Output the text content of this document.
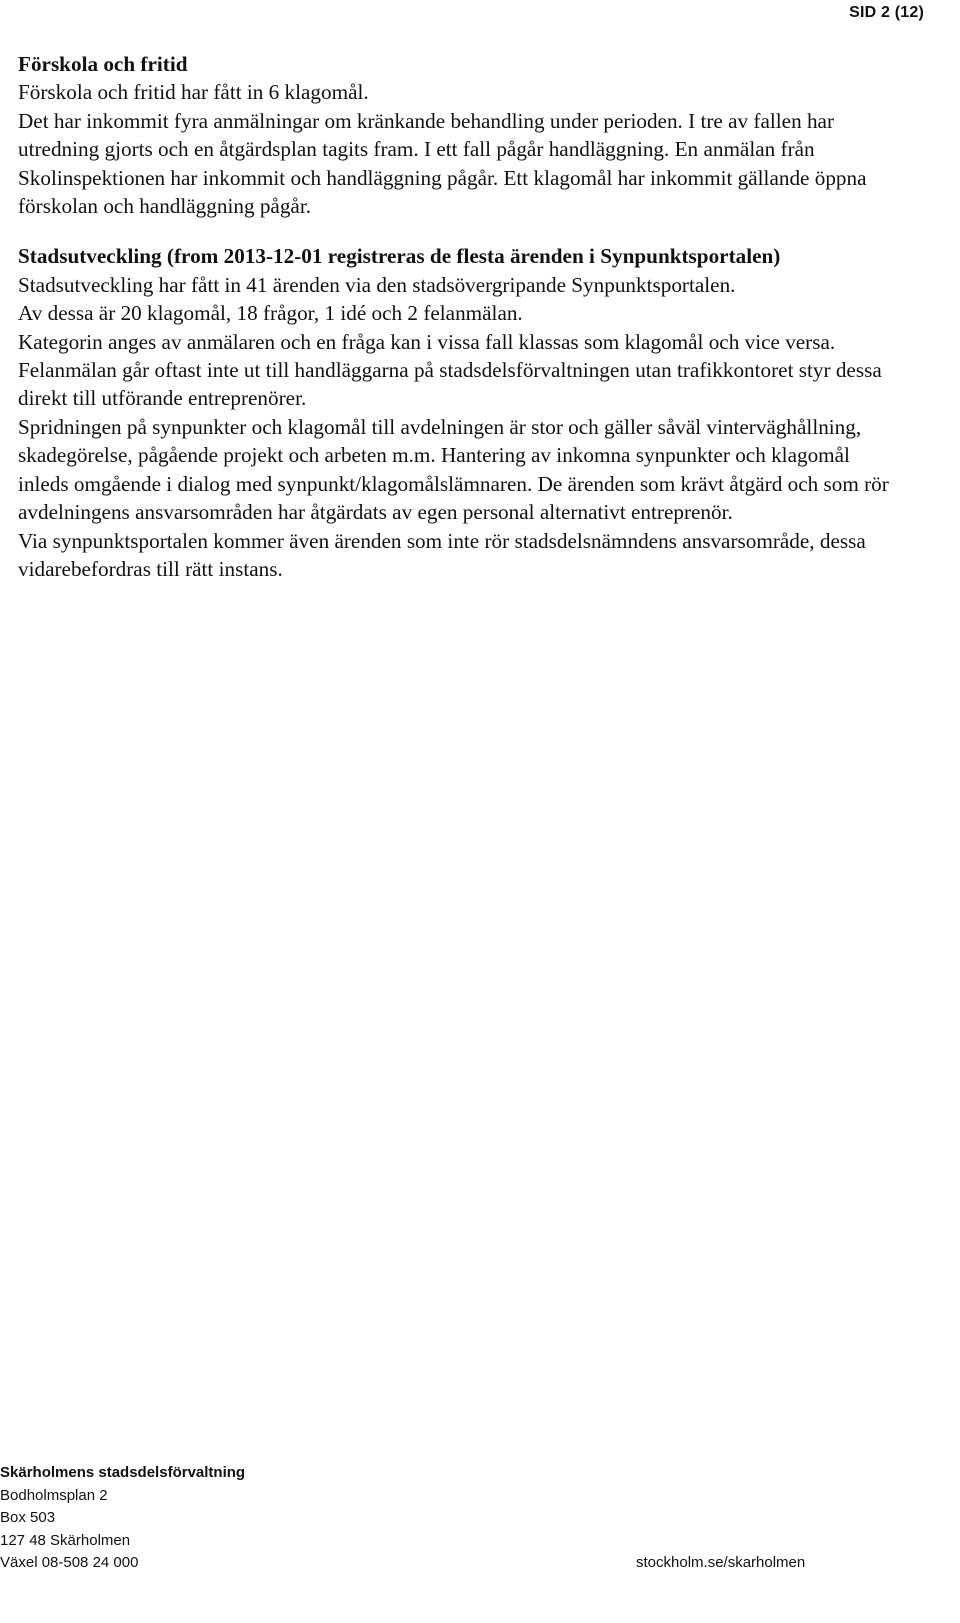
SID 2 (12)

Förskola och fritid

Förskola och fritid har fått in 6 klagomål.

Det har inkommit fyra anmälningar om kränkande behandling under perioden. I tre av fallen har utredning gjorts och en åtgärdsplan tagits fram. I ett fall pågår handläggning. En anmälan från Skolinspektionen har inkommit och handläggning pågår. Ett klagomål har inkommit gällande öppna förskolan och handläggning pågår.

Stadsutveckling (from 2013-12-01 registreras de flesta ärenden i Synpunktsportalen)

Stadsutveckling har fått in 41 ärenden via den stadsövergripande Synpunktsportalen.

Av dessa är 20 klagomål, 18 frågor, 1 idé och 2 felanmälan.

Kategorin anges av anmälaren och en fråga kan i vissa fall klassas som klagomål och vice versa. Felanmälan går oftast inte ut till handläggarna på stadsdelsförvaltningen utan trafikkontoret styr dessa direkt till utförande entreprenörer.

Spridningen på synpunkter och klagomål till avdelningen är stor och gäller såväl vinterväghållning, skadegörelse, pågående projekt och arbeten m.m. Hantering av inkomna synpunkter och klagomål inleds omgående i dialog med synpunkt/klagomålslämnaren. De ärenden som krävt åtgärd och som rör avdelningens ansvarsområden har åtgärdats av egen personal alternativt entreprenör.

Via synpunktsportalen kommer även ärenden som inte rör stadsdelsnämndens ansvarsområde, dessa vidarebefordras till rätt instans.

Skärholmens stadsdelsförvaltning
Bodholmsplan 2
Box 503
127 48 Skärholmen
Växel 08-508 24 000	stockholm.se/skarholmen
